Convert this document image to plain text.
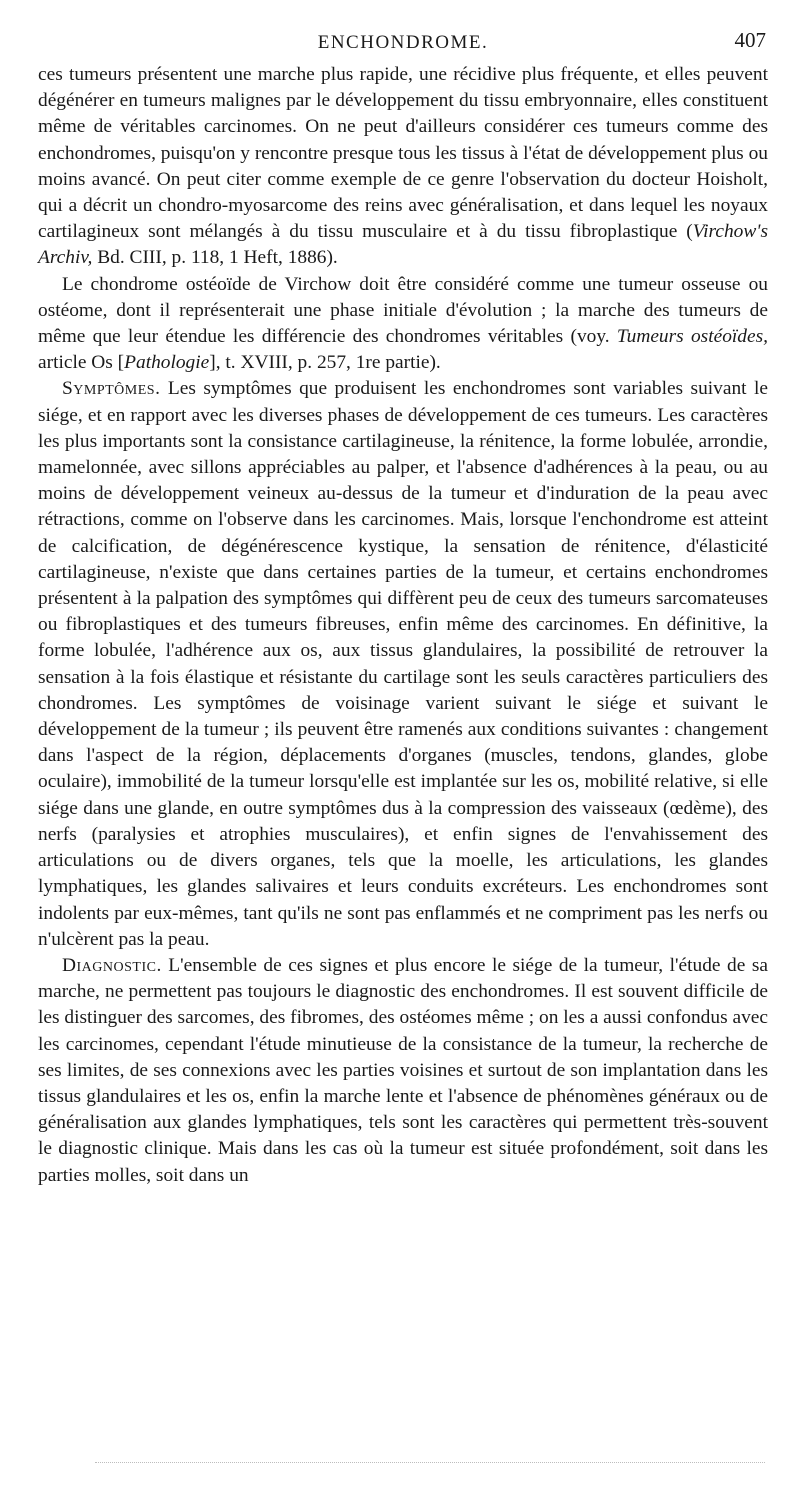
ENCHONDROME.	407

ces tumeurs présentent une marche plus rapide, une récidive plus fréquente, et elles peuvent dégénérer en tumeurs malignes par le développement du tissu embryonnaire, elles constituent même de véritables carcinomes. On ne peut d'ailleurs considérer ces tumeurs comme des enchondromes, puisqu'on y rencontre presque tous les tissus à l'état de développement plus ou moins avancé. On peut citer comme exemple de ce genre l'observation du docteur Hoisholt, qui a décrit un chondro-myosarcome des reins avec généralisation, et dans lequel les noyaux cartilagineux sont mélangés à du tissu musculaire et à du tissu fibroplastique (Virchow's Archiv, Bd. CIII, p. 118, 1 Heft, 1886).

Le chondrome ostéoïde de Virchow doit être considéré comme une tumeur osseuse ou ostéome, dont il représenterait une phase initiale d'évolution ; la marche des tumeurs de même que leur étendue les différencie des chondromes véritables (voy. Tumeurs ostéoïdes, article Os [Pathologie], t. XVIII, p. 257, 1re partie).

Symptômes. Les symptômes que produisent les enchondromes sont variables suivant le siége, et en rapport avec les diverses phases de développement de ces tumeurs. Les caractères les plus importants sont la consistance cartilagineuse, la rénitence, la forme lobulée, arrondie, mamelonnée, avec sillons appréciables au palper, et l'absence d'adhérences à la peau, ou au moins de développement veineux au-dessus de la tumeur et d'induration de la peau avec rétractions, comme on l'observe dans les carcinomes. Mais, lorsque l'enchondrome est atteint de calcification, de dégénérescence kystique, la sensation de rénitence, d'élasticité cartilagineuse, n'existe que dans certaines parties de la tumeur, et certains enchondromes présentent à la palpation des symptômes qui diffèrent peu de ceux des tumeurs sarcomateuses ou fibroplastiques et des tumeurs fibreuses, enfin même des carcinomes. En définitive, la forme lobulée, l'adhérence aux os, aux tissus glandulaires, la possibilité de retrouver la sensation à la fois élastique et résistante du cartilage sont les seuls caractères particuliers des chondromes. Les symptômes de voisinage varient suivant le siége et suivant le développement de la tumeur ; ils peuvent être ramenés aux conditions suivantes : changement dans l'aspect de la région, déplacements d'organes (muscles, tendons, glandes, globe oculaire), immobilité de la tumeur lorsqu'elle est implantée sur les os, mobilité relative, si elle siége dans une glande, en outre symptômes dus à la compression des vaisseaux (œdème), des nerfs (paralysies et atrophies musculaires), et enfin signes de l'envahissement des articulations ou de divers organes, tels que la moelle, les articulations, les glandes lymphatiques, les glandes salivaires et leurs conduits excréteurs. Les enchondromes sont indolents par eux-mêmes, tant qu'ils ne sont pas enflammés et ne compriment pas les nerfs ou n'ulcèrent pas la peau.

Diagnostic. L'ensemble de ces signes et plus encore le siége de la tumeur, l'étude de sa marche, ne permettent pas toujours le diagnostic des enchondromes. Il est souvent difficile de les distinguer des sarcomes, des fibromes, des ostéomes même ; on les a aussi confondus avec les carcinomes, cependant l'étude minutieuse de la consistance de la tumeur, la recherche de ses limites, de ses connexions avec les parties voisines et surtout de son implantation dans les tissus glandulaires et les os, enfin la marche lente et l'absence de phénomènes généraux ou de généralisation aux glandes lymphatiques, tels sont les caractères qui permettent très-souvent le diagnostic clinique. Mais dans les cas où la tumeur est située profondément, soit dans les parties molles, soit dans un
